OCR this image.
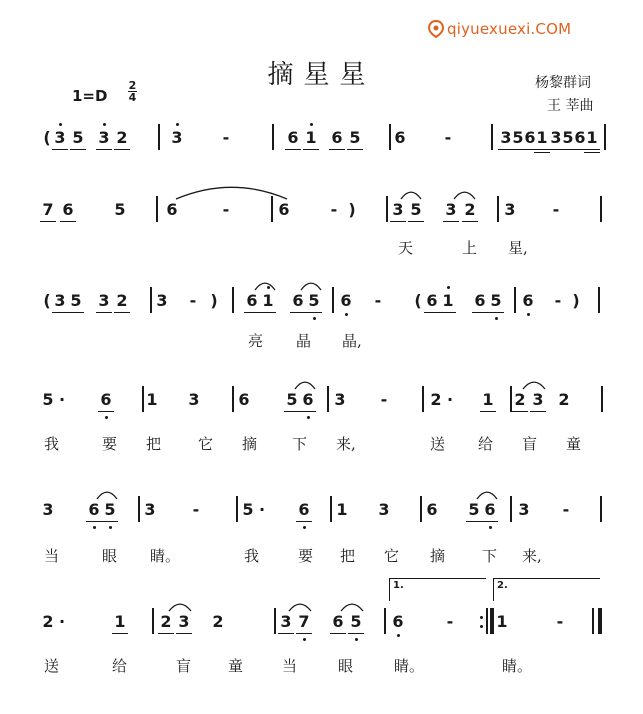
qiyuexuexi.COM
摘星星
1=D
2
4
杨黎群词
王 莘曲
( 3 5 3 2	3	-	6 1 6 5 6 -	3 5 6 1 3 5 6 1
7 6	5	6	-	6	- ) 3 5 3 2 3 -
天	上 星,
( 3 5 3 2 3 - ) 6 1 6 5 6 - ( 6 1 6 5 6 - )
亮 晶 晶,
5 · 6 1 3 6 5 6 3 -	2 · 1 2 3 2
我	要 把 它 摘 下 来,	送 给 盲 童
3 6 5 3 -	5 · 6 1 3 6 5 6 3 -
当	眼 睛。	我	要 把 它 摘 下 来,
2 ·	1 2 3 2	3 7 6 5 6	-	1	-
1.	2.
送	给	盲 童	当	眼	睛。	睛。
